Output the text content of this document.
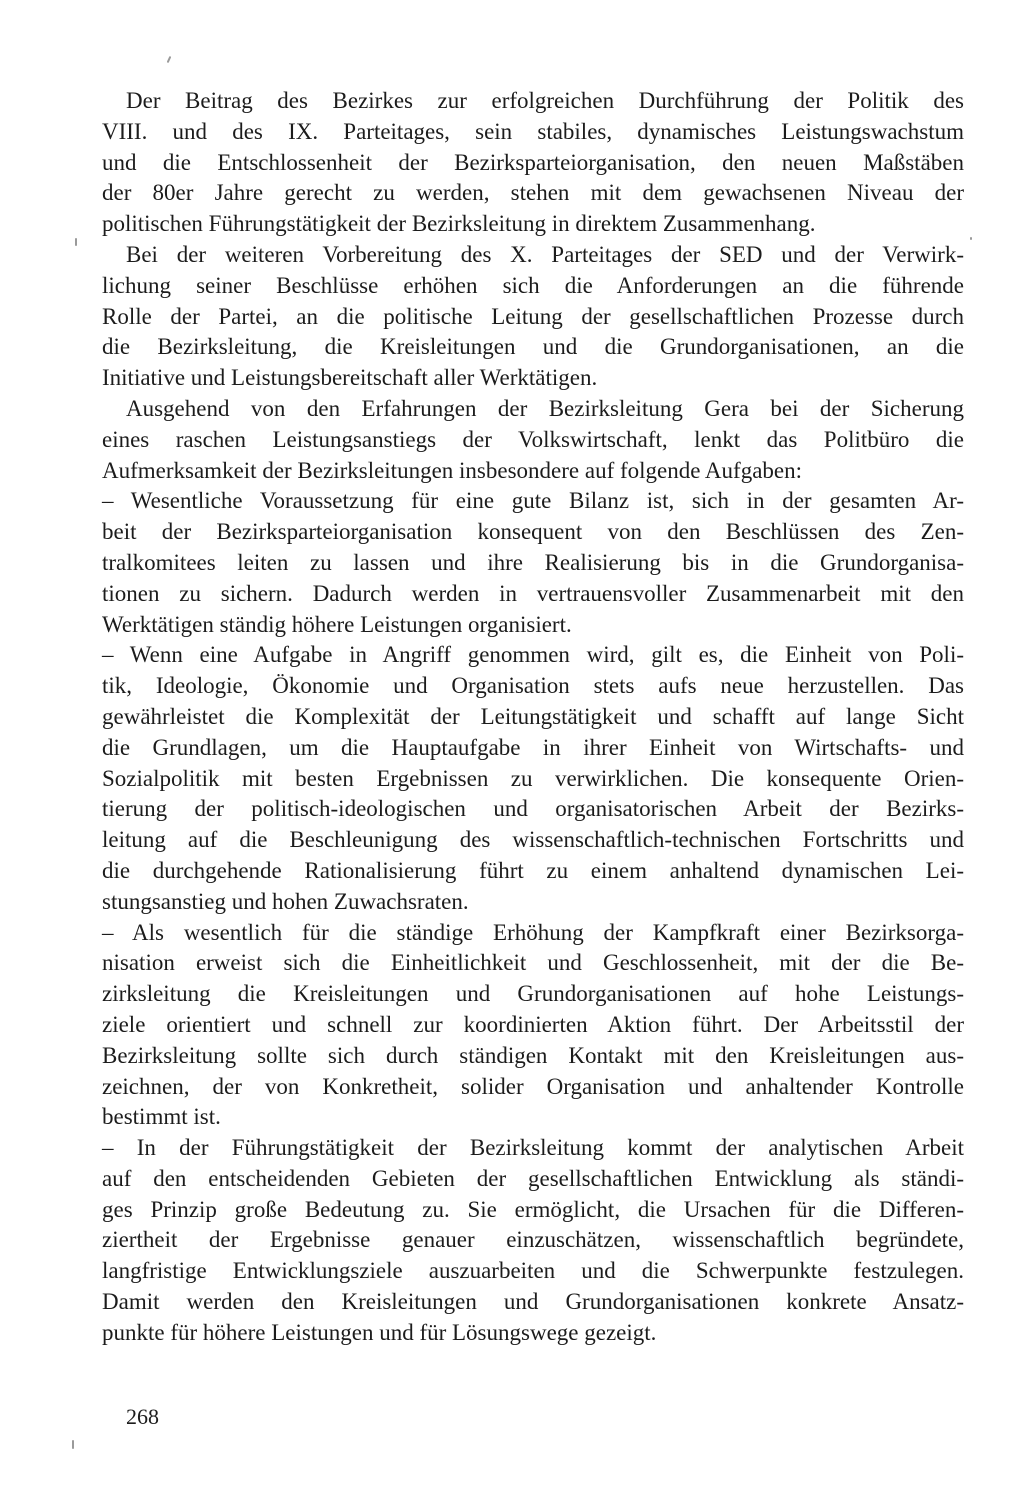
Der Beitrag des Bezirkes zur erfolgreichen Durchführung der Politik des
VIII. und des IX. Parteitages, sein stabiles, dynamisches Leistungswachstum
und die Entschlossenheit der Bezirksparteiorganisation, den neuen Maßstäben
der 80er Jahre gerecht zu werden, stehen mit dem gewachsenen Niveau der
politischen Führungstätigkeit der Bezirksleitung in direktem Zusammenhang.
Bei der weiteren Vorbereitung des X. Parteitages der SED und der Verwirk-
lichung seiner Beschlüsse erhöhen sich die Anforderungen an die führende
Rolle der Partei, an die politische Leitung der gesellschaftlichen Prozesse durch
die Bezirksleitung, die Kreisleitungen und die Grundorganisationen, an die
Initiative und Leistungsbereitschaft aller Werktätigen.
Ausgehend von den Erfahrungen der Bezirksleitung Gera bei der Sicherung
eines raschen Leistungsanstiegs der Volkswirtschaft, lenkt das Politbüro die
Aufmerksamkeit der Bezirksleitungen insbesondere auf folgende Aufgaben:
– Wesentliche Voraussetzung für eine gute Bilanz ist, sich in der gesamten Ar-
beit der Bezirksparteiorganisation konsequent von den Beschlüssen des Zen-
tralkomitees leiten zu lassen und ihre Realisierung bis in die Grundorganisa-
tionen zu sichern. Dadurch werden in vertrauensvoller Zusammenarbeit mit den
Werktätigen ständig höhere Leistungen organisiert.
– Wenn eine Aufgabe in Angriff genommen wird, gilt es, die Einheit von Poli-
tik, Ideologie, Ökonomie und Organisation stets aufs neue herzustellen. Das
gewährleistet die Komplexität der Leitungstätigkeit und schafft auf lange Sicht
die Grundlagen, um die Hauptaufgabe in ihrer Einheit von Wirtschafts- und
Sozialpolitik mit besten Ergebnissen zu verwirklichen. Die konsequente Orien-
tierung der politisch-ideologischen und organisatorischen Arbeit der Bezirks-
leitung auf die Beschleunigung des wissenschaftlich-technischen Fortschritts und
die durchgehende Rationalisierung führt zu einem anhaltend dynamischen Lei-
stungsanstieg und hohen Zuwachsraten.
– Als wesentlich für die ständige Erhöhung der Kampfkraft einer Bezirksorga-
nisation erweist sich die Einheitlichkeit und Geschlossenheit, mit der die Be-
zirksleitung die Kreisleitungen und Grundorganisationen auf hohe Leistungs-
ziele orientiert und schnell zur koordinierten Aktion führt. Der Arbeitsstil der
Bezirksleitung sollte sich durch ständigen Kontakt mit den Kreisleitungen aus-
zeichnen, der von Konkretheit, solider Organisation und anhaltender Kontrolle
bestimmt ist.
– In der Führungstätigkeit der Bezirksleitung kommt der analytischen Arbeit
auf den entscheidenden Gebieten der gesellschaftlichen Entwicklung als ständi-
ges Prinzip große Bedeutung zu. Sie ermöglicht, die Ursachen für die Differen-
ziertheit der Ergebnisse genauer einzuschätzen, wissenschaftlich begründete,
langfristige Entwicklungsziele auszuarbeiten und die Schwerpunkte festzulegen.
Damit werden den Kreisleitungen und Grundorganisationen konkrete Ansatz-
punkte für höhere Leistungen und für Lösungswege gezeigt.
268
